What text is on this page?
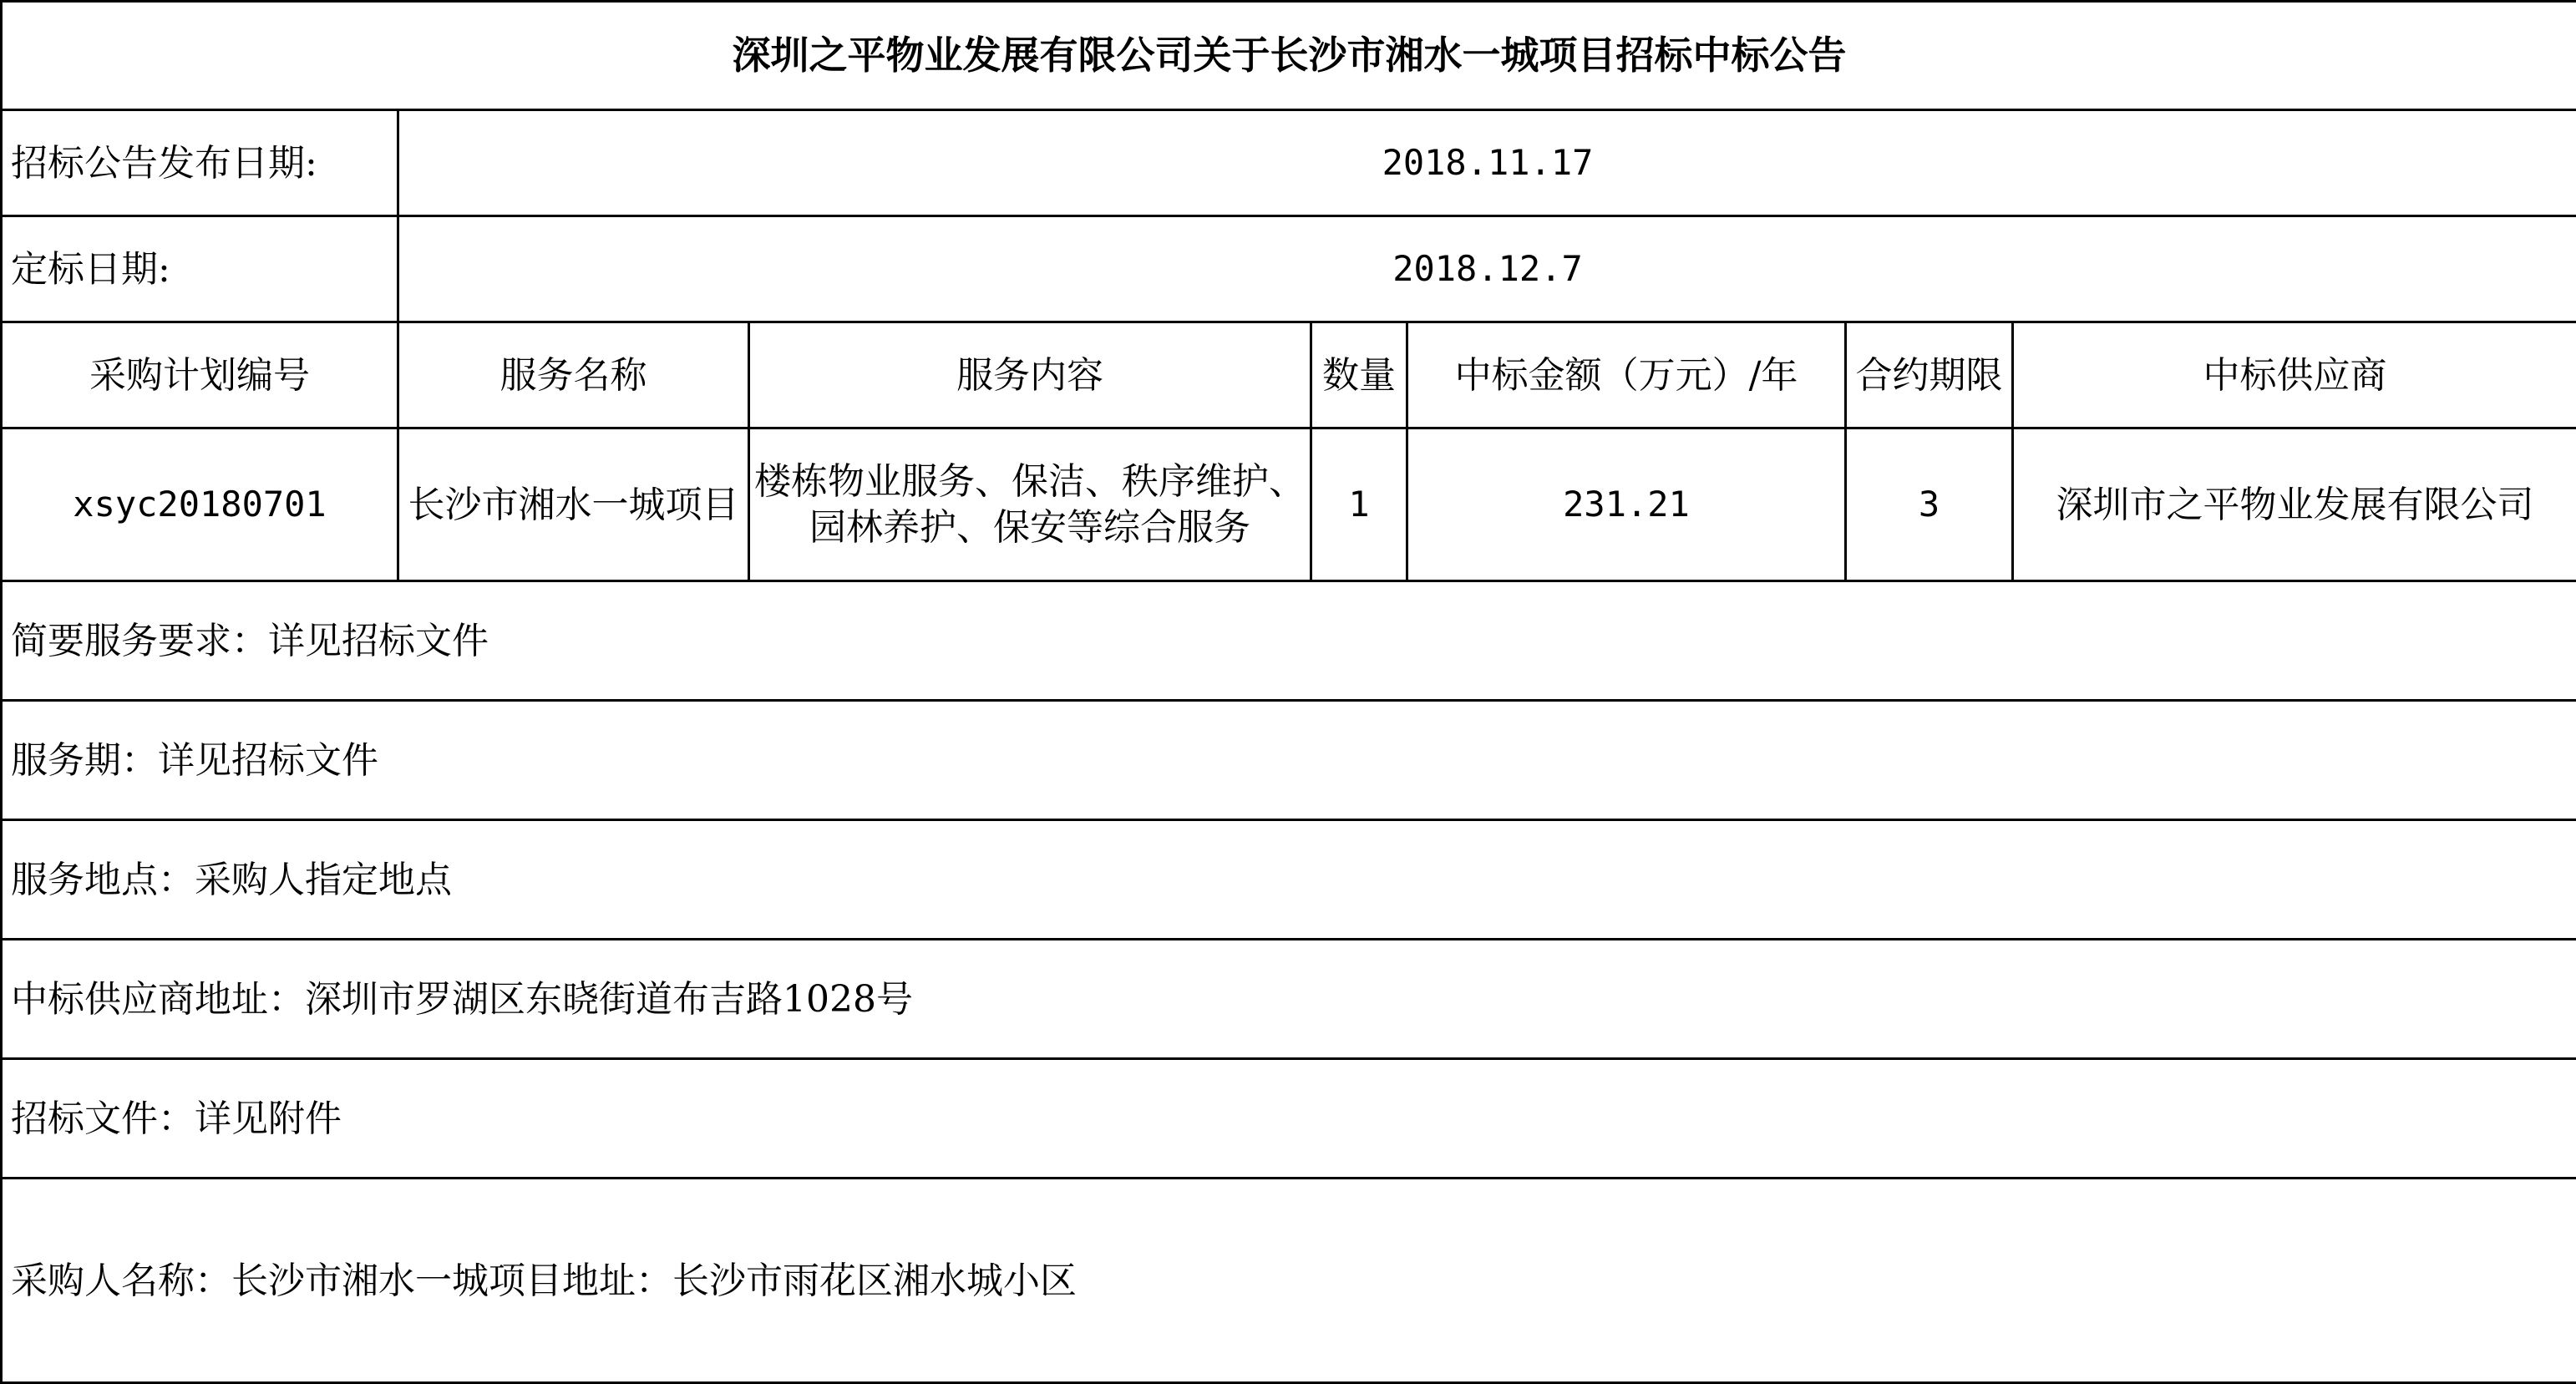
深圳之平物业发展有限公司关于长沙市湘水一城项目招标中标公告						
招标公告发布日期:	2018.11.17					
定标日期:	2018.12.7					
采购计划编号	服务名称	服务内容	数量	中标金额（万元）/年	合约期限	中标供应商
xsyc20180701	长沙市湘水一城项目	楼栋物业服务、保洁、秩序维护、园林养护、保安等综合服务	1	231.21	3	深圳市之平物业发展有限公司
简要服务要求：详见招标文件						
服务期：详见招标文件						
服务地点：采购人指定地点						
中标供应商地址：深圳市罗湖区东晓街道布吉路1028号						
招标文件：详见附件						
采购人名称：长沙市湘水一城项目地址：长沙市雨花区湘水城小区						
